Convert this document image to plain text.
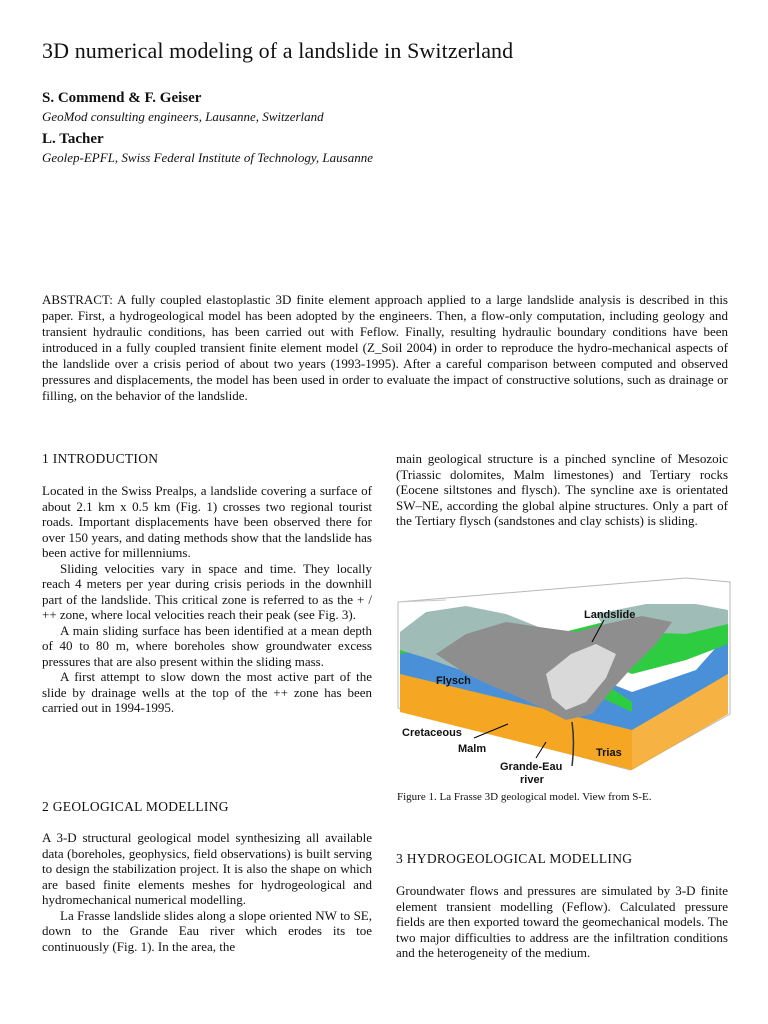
3D numerical modeling of a landslide in Switzerland

S. Commend & F. Geiser

GeoMod consulting engineers, Lausanne, Switzerland

L. Tacher

Geolep-EPFL, Swiss Federal Institute of Technology, Lausanne

ABSTRACT: A fully coupled elastoplastic 3D finite element approach applied to a large landslide analysis is described in this paper. First, a hydrogeological model has been adopted by the engineers. Then, a flow-only computation, including geology and transient hydraulic conditions, has been carried out with Feflow. Finally, resulting hydraulic boundary conditions have been introduced in a fully coupled transient finite element model (Z_Soil 2004) in order to reproduce the hydro-mechanical aspects of the landslide over a crisis period of about two years (1993-1995). After a careful comparison between computed and observed pressures and displacements, the model has been used in order to evaluate the impact of constructive solutions, such as drainage or filling, on the behavior of the landslide.

1 INTRODUCTION

Located in the Swiss Prealps, a landslide covering a surface of about 2.1 km x 0.5 km (Fig. 1) crosses two regional tourist roads. Important displacements have been observed there for over 150 years, and dating methods show that the landslide has been active for millenniums.

Sliding velocities vary in space and time. They locally reach 4 meters per year during crisis periods in the downhill part of the landslide. This critical zone is referred to as the + / ++ zone, where local velocities reach their peak (see Fig. 3).

A main sliding surface has been identified at a mean depth of 40 to 80 m, where boreholes show groundwater excess pressures that are also present within the sliding mass.

A first attempt to slow down the most active part of the slide by drainage wells at the top of the ++ zone has been carried out in 1994-1995.

2 GEOLOGICAL MODELLING

A 3-D structural geological model synthesizing all available data (boreholes, geophysics, field observations) is built serving to design the stabilization project. It is also the shape on which are based finite elements meshes for hydrogeological and hydromechanical numerical modelling.

La Frasse landslide slides along a slope oriented NW to SE, down to the Grande Eau river which erodes its toe continuously (Fig. 1). In the area, the

main geological structure is a pinched syncline of Mesozoic (Triassic dolomites, Malm limestones) and Tertiary rocks (Eocene siltstones and flysch). The syncline axe is orientated SW–NE, according the global alpine structures. Only a part of the Tertiary flysch (sandstones and clay schists) is sliding.

Landslide
Flysch
Cretaceous
Malm
Grande-Eau
river
Trias

Figure 1. La Frasse 3D geological model. View from S-E.

3 HYDROGEOLOGICAL MODELLING

Groundwater flows and pressures are simulated by 3-D finite element transient modelling (Feflow). Calculated pressure fields are then exported toward the geomechanical models. The two major difficulties to address are the infiltration conditions and the heterogeneity of the medium.
